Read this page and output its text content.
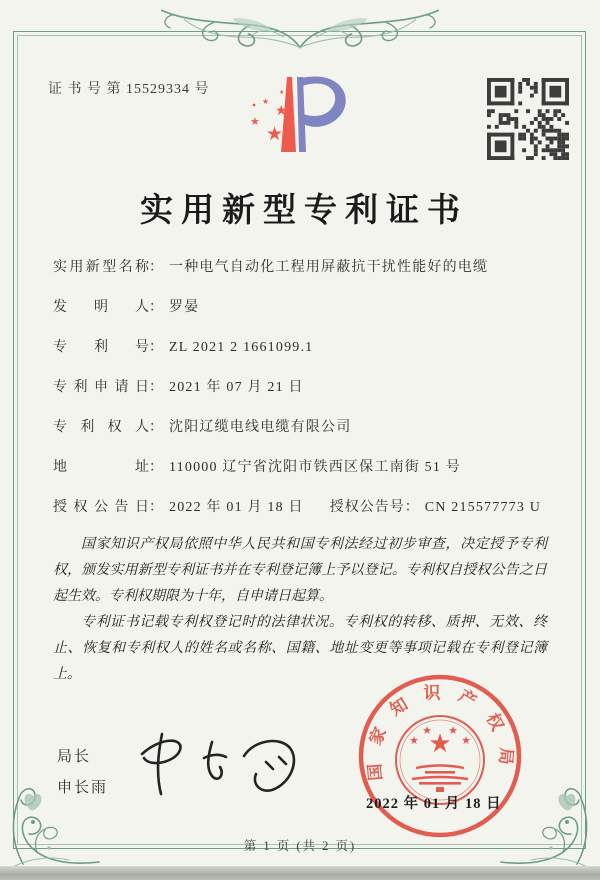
证 书 号 第 15529334 号
★
★
★
★
★
实用新型专利证书
实用新型名称 ： 一种电气自动化工程用屏蔽抗干扰性能好的电缆
发明人 ： 罗晏
专利号 ： ZL 2021 2 1661099.1
专利申请日 ： 2021 年 07 月 21 日
专利权人 ： 沈阳辽缆电线电缆有限公司
地址 ： 110000 辽宁省沈阳市铁西区保工南街 51 号
授权公告日 ： 2022 年 01 月 18 日 授权公告号 ： CN 215577773 U

国家知识产权局依照中华人民共和国专利法经过初步审查，决定授予专利权，颁发实用新型专利证书并在专利登记簿上予以登记。专利权自授权公告之日起生效。专利权期限为十年，自申请日起算。

专利证书记载专利权登记时的法律状况。专利权的转移、质押、无效、终止、恢复和专利权人的姓名或名称、国籍、地址变更等事项记载在专利登记簿上。

局长
申长雨
国家知识产权局
★
★
★ ★
★
2022 年 01 月 18 日
第 1 页 (共 2 页)
